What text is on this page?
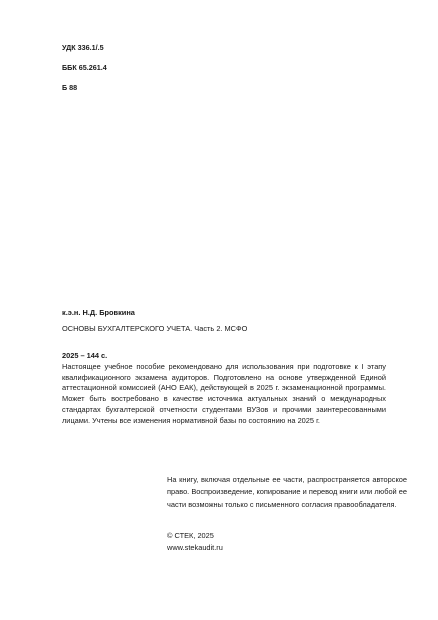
УДК 336.1/.5
ББК 65.261.4
Б 88
к.э.н. Н.Д. Бровкина
ОСНОВЫ БУХГАЛТЕРСКОГО УЧЕТА. Часть 2. МСФО
2025 – 144 с.
Настоящее учебное пособие рекомендовано для использования при подготовке к I этапу квалификационного экзамена аудиторов. Подготовлено на основе утвержденной Единой аттестационной комиссией (АНО ЕАК), действующей в 2025 г. экзаменационной программы. Может быть востребовано в качестве источника актуальных знаний о международных стандартах бухгалтерской отчетности студентами ВУЗов и прочими заинтересованными лицами. Учтены все изменения нормативной базы по состоянию на 2025 г.
На книгу, включая отдельные ее части, распространяется авторское право. Воспроизведение, копирование и перевод книги или любой ее части возможны только с письменного согласия правообладателя.
© СТЕК, 2025
www.stekaudit.ru
